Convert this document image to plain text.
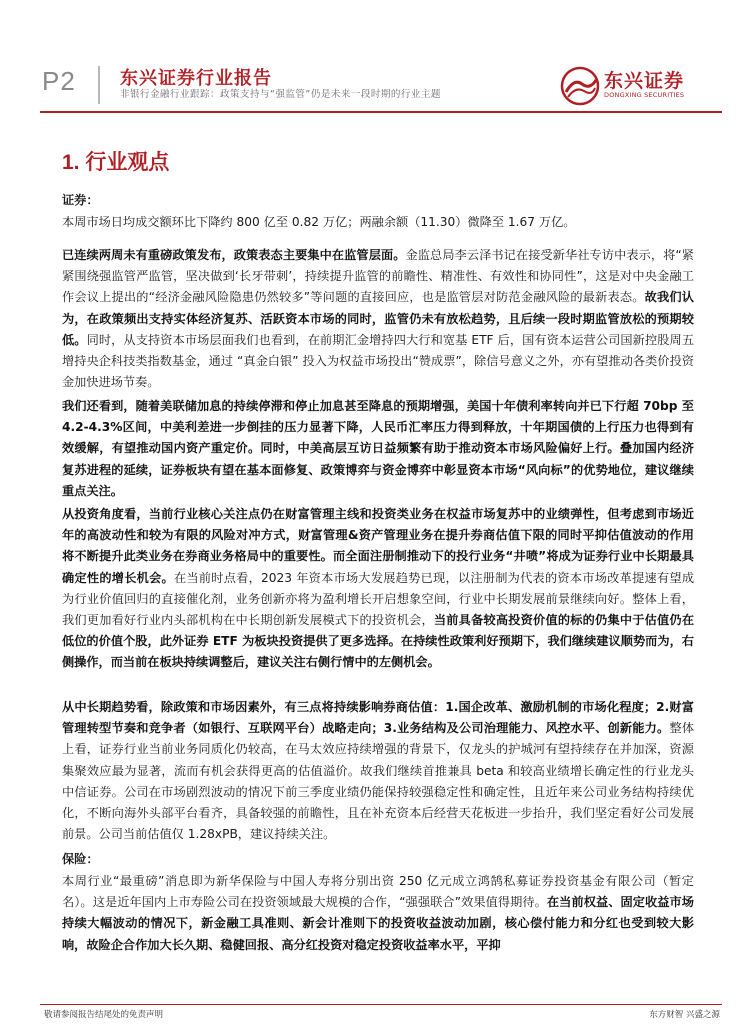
P2 东兴证券行业报告
非银行金融行业跟踪：政策支持与“强监管”仍是未来一段时期的行业主题
东兴证券
DONGXING SECURITIES
1. 行业观点

证券：

本周市场日均成交额环比下降约 800 亿至 0.82 万亿；两融余额（11.30）微降至 1.67 万亿。

已连续两周未有重磅政策发布，政策表态主要集中在监管层面。金监总局李云泽书记在接受新华社专访中表示，将“紧紧围绕强监管严监管，坚决做到‘长牙带刺’，持续提升监管的前瞻性、精准性、有效性和协同性”，这是对中央金融工作会议上提出的“经济金融风险隐患仍然较多”等问题的直接回应，也是监管层对防范金融风险的最新表态。故我们认为，在政策频出支持实体经济复苏、活跃资本市场的同时，监管仍未有放松趋势，且后续一段时期监管放松的预期较低。同时，从支持资本市场层面我们也看到，在前期汇金增持四大行和宽基 ETF 后，国有资本运营公司国新控股周五增持央企科技类指数基金，通过 “真金白银” 投入为权益市场投出“赞成票”，除信号意义之外，亦有望推动各类价投资金加快进场节奏。

我们还看到，随着美联储加息的持续停滞和停止加息甚至降息的预期增强，美国十年债利率转向并已下行超 70bp 至 4.2-4.3%区间，中美利差进一步倒挂的压力显著下降，人民币汇率压力得到释放，十年期国债的上行压力也得到有效缓解，有望推动国内资产重定价。同时，中美高层互访日益频繁有助于推动资本市场风险偏好上行。叠加国内经济复苏进程的延续，证券板块有望在基本面修复、政策博弈与资金博弈中彰显资本市场“风向标”的优势地位，建议继续重点关注。

从投资角度看，当前行业核心关注点仍在财富管理主线和投资类业务在权益市场复苏中的业绩弹性，但考虑到市场近年的高波动性和较为有限的风险对冲方式，财富管理&资产管理业务在提升券商估值下限的同时平抑估值波动的作用将不断提升此类业务在券商业务格局中的重要性。而全面注册制推动下的投行业务“井喷”将成为证券行业中长期最具确定性的增长机会。在当前时点看，2023 年资本市场大发展趋势已现，以注册制为代表的资本市场改革提速有望成为行业价值回归的直接催化剂，业务创新亦将为盈利增长开启想象空间，行业中长期发展前景继续向好。整体上看，我们更加看好行业内头部机构在中长期创新发展模式下的投资机会，当前具备较高投资价值的标的仍集中于估值仍在低位的价值个股，此外证券 ETF 为板块投资提供了更多选择。在持续性政策利好预期下，我们继续建议顺势而为，右侧操作，而当前在板块持续调整后，建议关注右侧行情中的左侧机会。

从中长期趋势看，除政策和市场因素外，有三点将持续影响券商估值：1.国企改革、激励机制的市场化程度；2.财富管理转型节奏和竞争者（如银行、互联网平台）战略走向；3.业务结构及公司治理能力、风控水平、创新能力。整体上看，证券行业当前业务同质化仍较高，在马太效应持续增强的背景下，仅龙头的护城河有望持续存在并加深，资源集聚效应最为显著，流而有机会获得更高的估值溢价。故我们继续首推兼具 beta 和较高业绩增长确定性的行业龙头中信证券。公司在市场剧烈波动的情况下前三季度业绩仍能保持较强稳定性和确定性，且近年来公司业务结构持续优化，不断向海外头部平台看齐，具备较强的前瞻性，且在补充资本后经营天花板进一步抬升，我们坚定看好公司发展前景。公司当前估值仅 1.28xPB，建议持续关注。

保险：

本周行业“最重磅”消息即为新华保险与中国人寿将分别出资 250 亿元成立鸿鹄私募证券投资基金有限公司（暂定名）。这是近年国内上市寿险公司在投资领域最大规模的合作，“强强联合”效果值得期待。在当前权益、固定收益市场持续大幅波动的情况下，新金融工具准则、新会计准则下的投资收益波动加剧，核心偿付能力和分红也受到较大影响，故险企合作加大长久期、稳健回报、高分红投资对稳定投资收益率水平，平抑

敬请参阅报告结尾处的免责声明	东方财智 兴盛之源
